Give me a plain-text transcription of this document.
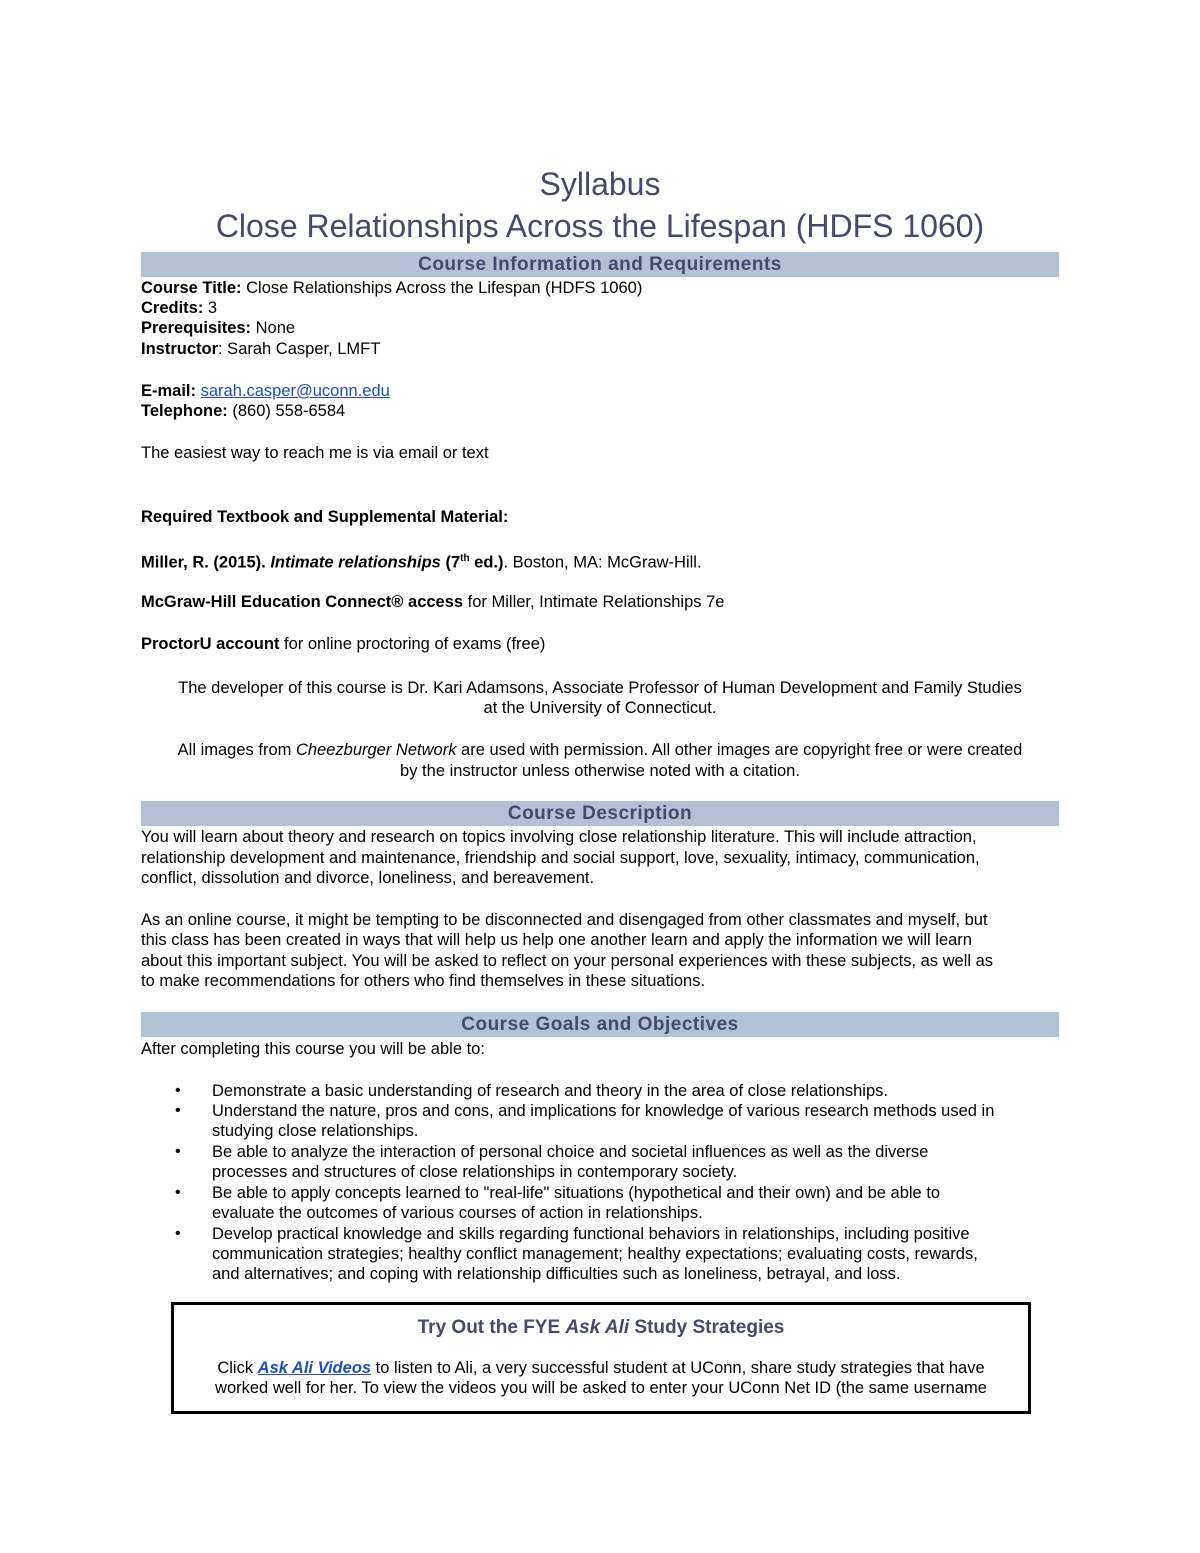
Syllabus
Close Relationships Across the Lifespan (HDFS 1060)
Course Information and Requirements
Course Title: Close Relationships Across the Lifespan (HDFS 1060)
Credits: 3
Prerequisites: None
Instructor: Sarah Casper, LMFT
E-mail: sarah.casper@uconn.edu
Telephone: (860) 558-6584
The easiest way to reach me is via email or text
Required Textbook and Supplemental Material:
Miller, R. (2015). Intimate relationships (7th ed.). Boston, MA: McGraw-Hill.
McGraw-Hill Education Connect® access for Miller, Intimate Relationships 7e
ProctorU account for online proctoring of exams (free)
The developer of this course is Dr. Kari Adamsons, Associate Professor of Human Development and Family Studies
at the University of Connecticut.
All images from Cheezburger Network are used with permission. All other images are copyright free or were created
by the instructor unless otherwise noted with a citation.
Course Description
You will learn about theory and research on topics involving close relationship literature. This will include attraction,
relationship development and maintenance, friendship and social support, love, sexuality, intimacy, communication,
conflict, dissolution and divorce, loneliness, and bereavement.
As an online course, it might be tempting to be disconnected and disengaged from other classmates and myself, but
this class has been created in ways that will help us help one another learn and apply the information we will learn
about this important subject. You will be asked to reflect on your personal experiences with these subjects, as well as
to make recommendations for others who find themselves in these situations.
Course Goals and Objectives
After completing this course you will be able to:
• Demonstrate a basic understanding of research and theory in the area of close relationships.
• Understand the nature, pros and cons, and implications for knowledge of various research methods used in
studying close relationships.
• Be able to analyze the interaction of personal choice and societal influences as well as the diverse
processes and structures of close relationships in contemporary society.
• Be able to apply concepts learned to "real-life" situations (hypothetical and their own) and be able to
evaluate the outcomes of various courses of action in relationships.
• Develop practical knowledge and skills regarding functional behaviors in relationships, including positive
communication strategies; healthy conflict management; healthy expectations; evaluating costs, rewards,
and alternatives; and coping with relationship difficulties such as loneliness, betrayal, and loss.
Try Out the FYE Ask Ali Study Strategies
Click Ask Ali Videos to listen to Ali, a very successful student at UConn, share study strategies that have
worked well for her. To view the videos you will be asked to enter your UConn Net ID (the same username
